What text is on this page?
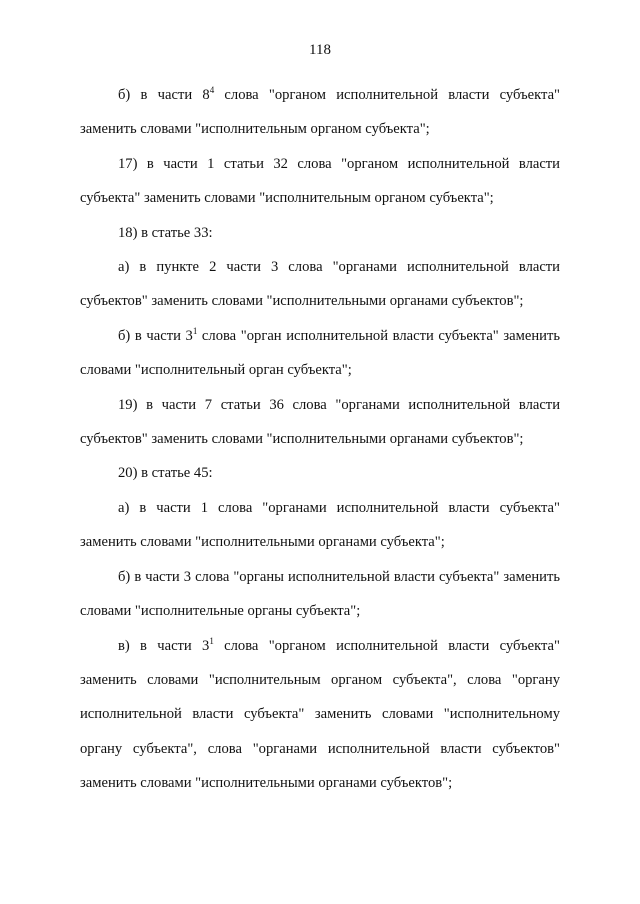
118

б) в части $8^4$ слова "органом исполнительной власти субъекта" заменить словами "исполнительным органом субъекта";

17) в части 1 статьи 32 слова "органом исполнительной власти субъекта" заменить словами "исполнительным органом субъекта";

18) в статье 33:

а) в пункте 2 части 3 слова "органами исполнительной власти субъектов" заменить словами "исполнительными органами субъектов";

б) в части $3^1$ слова "орган исполнительной власти субъекта" заменить словами "исполнительный орган субъекта";

19) в части 7 статьи 36 слова "органами исполнительной власти субъектов" заменить словами "исполнительными органами субъектов";

20) в статье 45:

а) в части 1 слова "органами исполнительной власти субъекта" заменить словами "исполнительными органами субъекта";

б) в части 3 слова "органы исполнительной власти субъекта" заменить словами "исполнительные органы субъекта";

в) в части $3^1$ слова "органом исполнительной власти субъекта" заменить словами "исполнительным органом субъекта", слова "органу исполнительной власти субъекта" заменить словами "исполнительному органу субъекта", слова "органами исполнительной власти субъектов" заменить словами "исполнительными органами субъектов";
